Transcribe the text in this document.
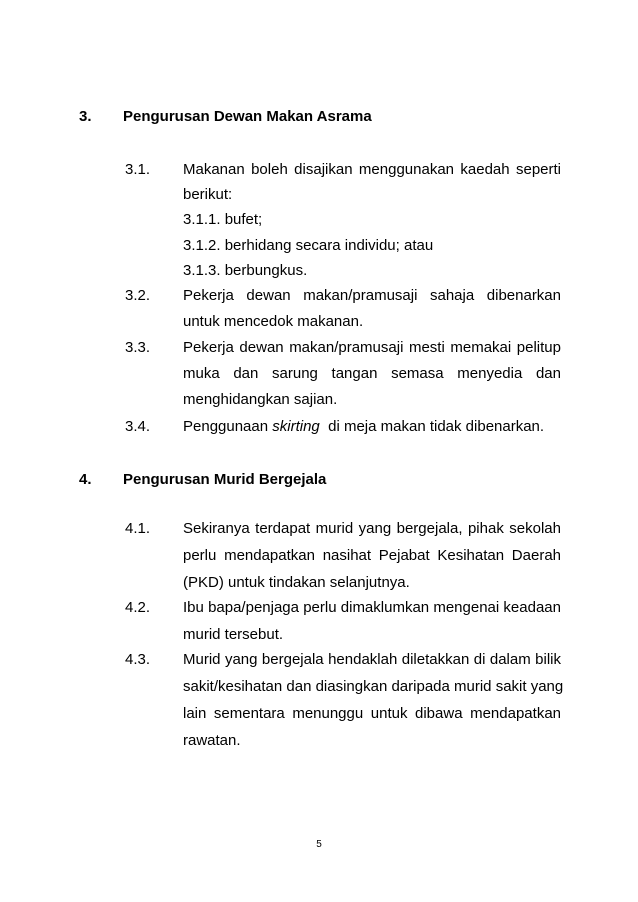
3. Pengurusan Dewan Makan Asrama
3.1. Makanan boleh disajikan menggunakan kaedah seperti
berikut:
3.1.1. bufet;
3.1.2. berhidang secara individu; atau
3.1.3. berbungkus.
3.2. Pekerja dewan makan/pramusaji sahaja dibenarkan
untuk mencedok makanan.
3.3. Pekerja dewan makan/pramusaji mesti memakai pelitup
muka dan sarung tangan semasa menyedia dan
menghidangkan sajian.
3.4. Penggunaan skirting  di meja makan tidak dibenarkan.
4. Pengurusan Murid Bergejala
4.1. Sekiranya terdapat murid yang bergejala, pihak sekolah
perlu mendapatkan nasihat Pejabat Kesihatan Daerah
(PKD) untuk tindakan selanjutnya.
4.2. Ibu bapa/penjaga perlu dimaklumkan mengenai keadaan
murid tersebut.
4.3. Murid yang bergejala hendaklah diletakkan di dalam bilik
sakit/kesihatan dan diasingkan daripada murid sakit yang
lain sementara menunggu untuk dibawa mendapatkan
rawatan.
5
